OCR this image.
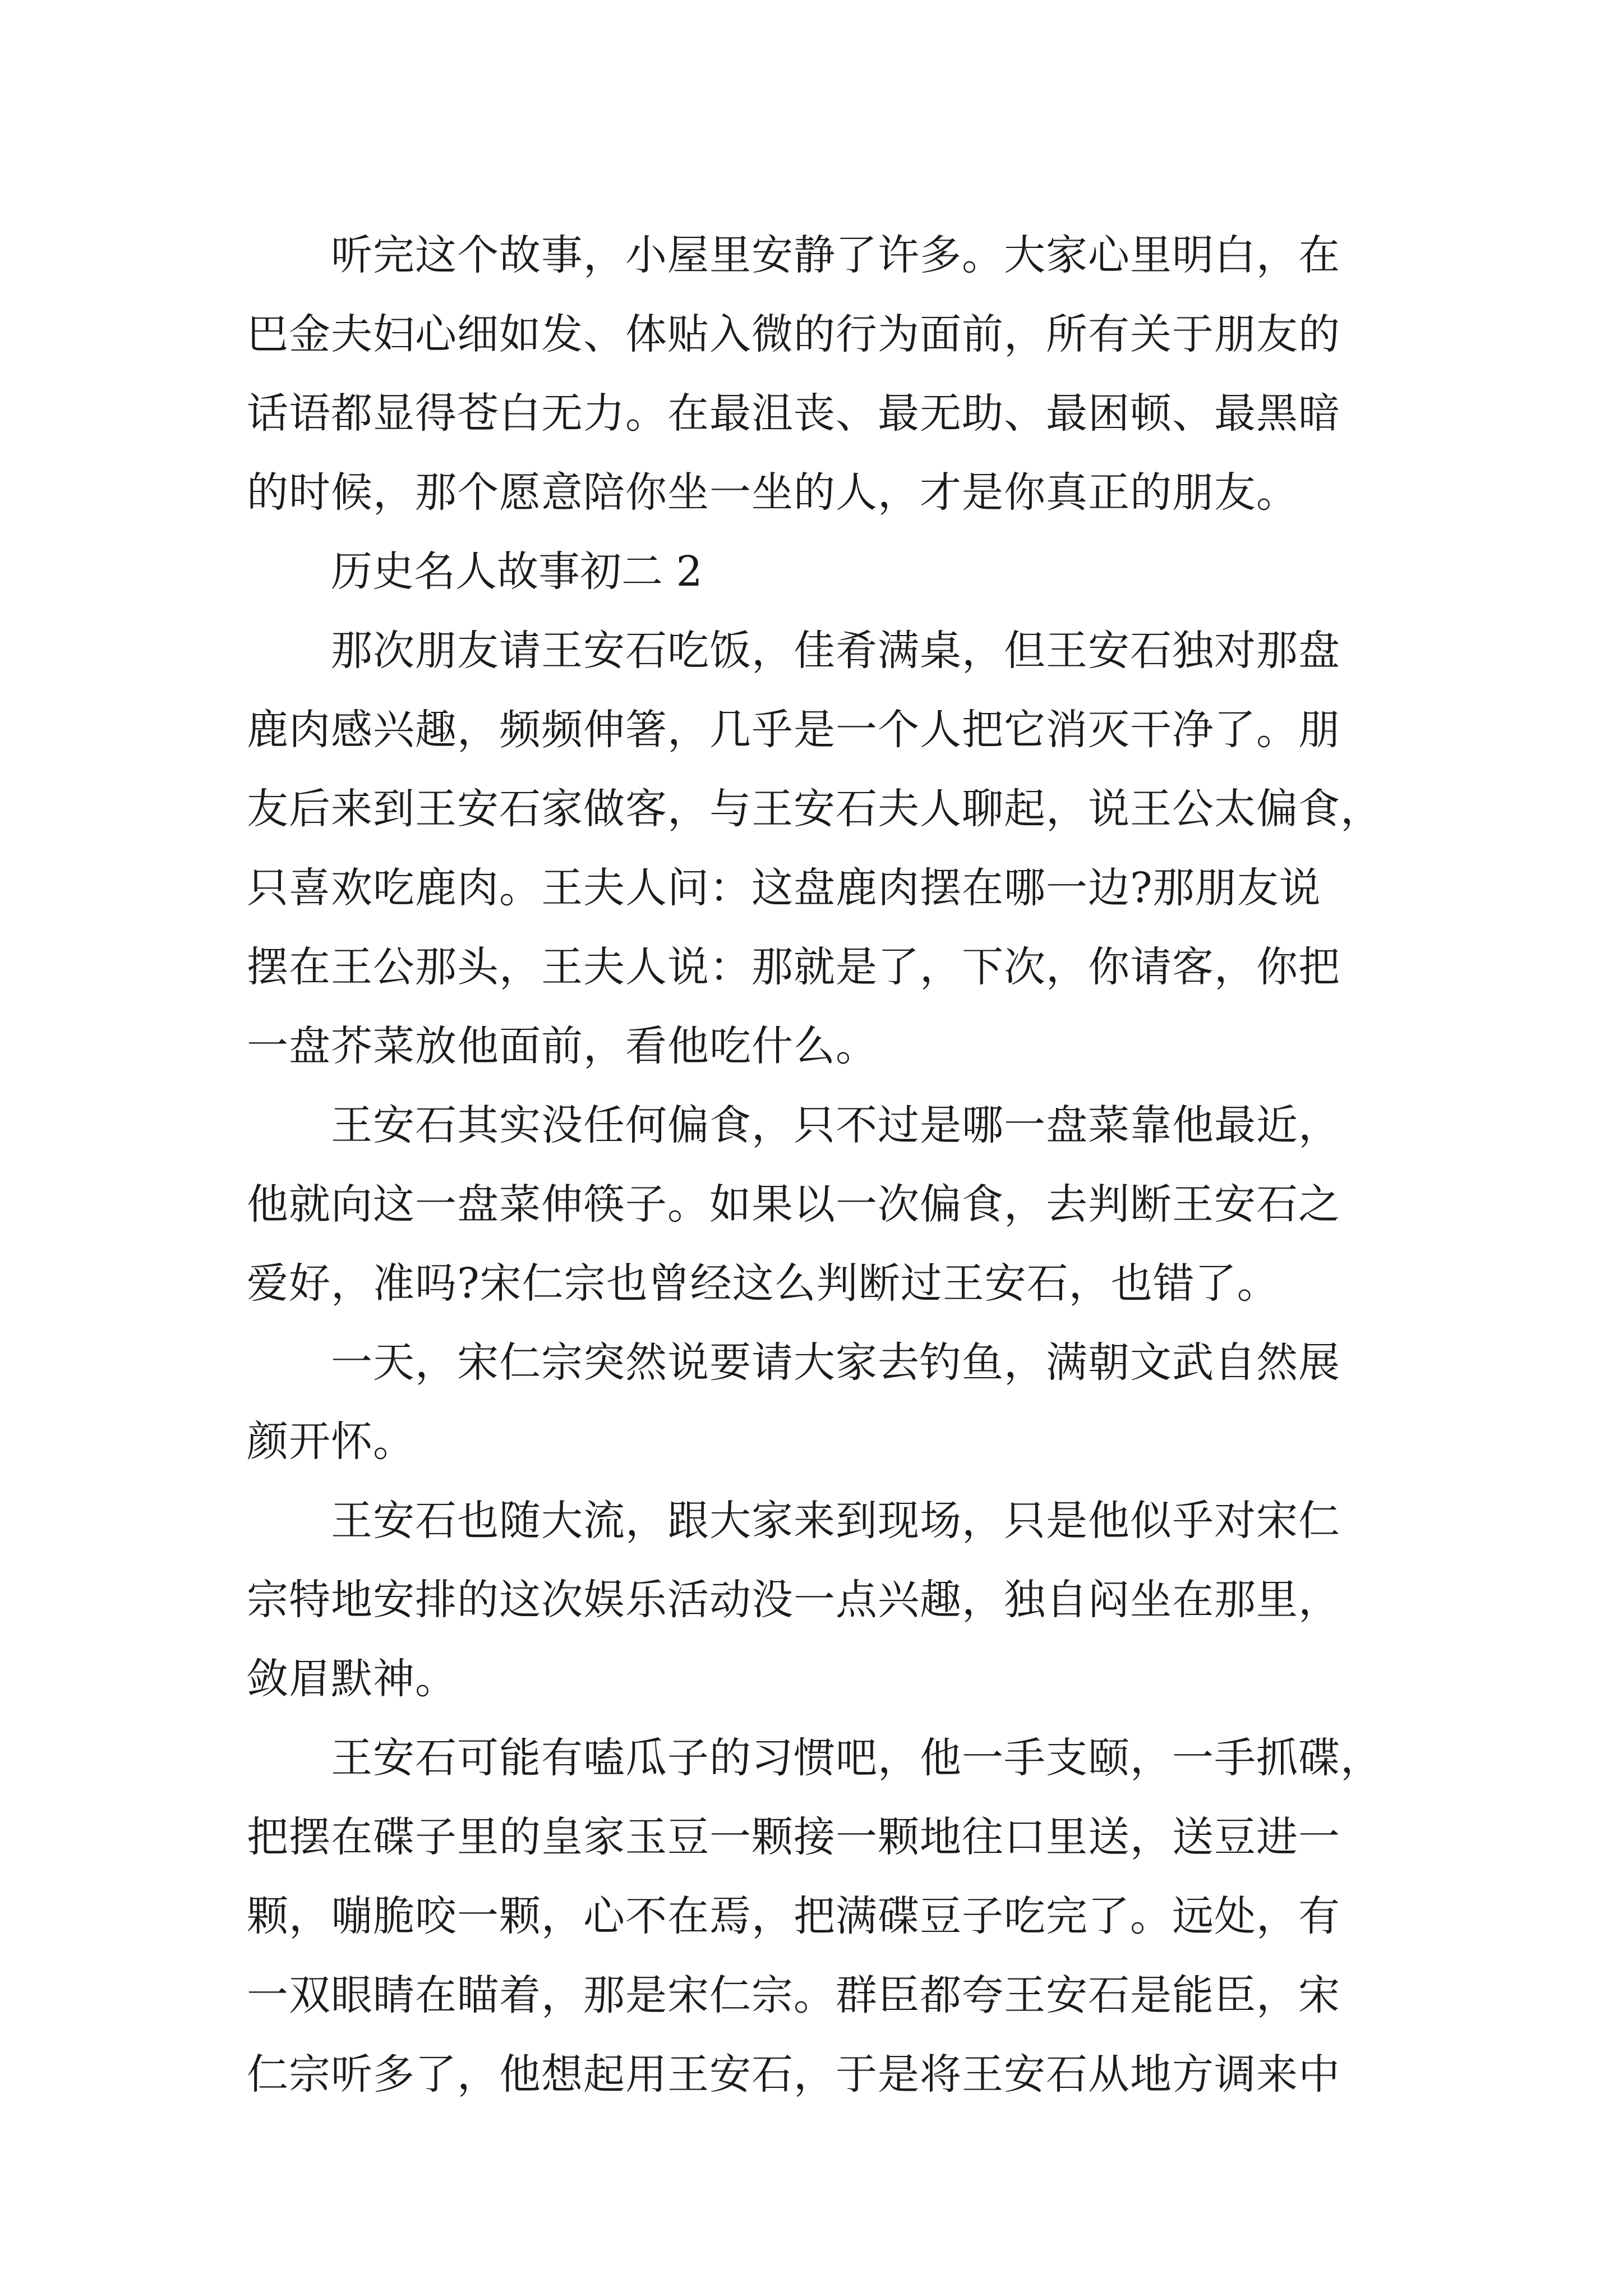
听完这个故事，小屋里安静了许多。大家心里明白，在
巴金夫妇心细如发、体贴入微的行为面前，所有关于朋友的
话语都显得苍白无力。在最沮丧、最无助、最困顿、最黑暗
的时候，那个愿意陪你坐一坐的人，才是你真正的朋友。

历史名人故事初二 2

那次朋友请王安石吃饭，佳肴满桌，但王安石独对那盘
鹿肉感兴趣，频频伸箸，几乎是一个人把它消灭干净了。朋
友后来到王安石家做客，与王安石夫人聊起，说王公太偏食，
只喜欢吃鹿肉。王夫人问：这盘鹿肉摆在哪一边?那朋友说
摆在王公那头，王夫人说：那就是了，下次，你请客，你把
一盘芥菜放他面前，看他吃什么。
王安石其实没任何偏食，只不过是哪一盘菜靠他最近，
他就向这一盘菜伸筷子。如果以一次偏食，去判断王安石之
爱好，准吗?宋仁宗也曾经这么判断过王安石，也错了。
一天，宋仁宗突然说要请大家去钓鱼，满朝文武自然展
颜开怀。
王安石也随大流，跟大家来到现场，只是他似乎对宋仁
宗特地安排的这次娱乐活动没一点兴趣，独自闷坐在那里，
敛眉默神。
王安石可能有嗑瓜子的习惯吧，他一手支颐，一手抓碟，
把摆在碟子里的皇家玉豆一颗接一颗地往口里送，送豆进一
颗，嘣脆咬一颗，心不在焉，把满碟豆子吃完了。远处，有
一双眼睛在瞄着，那是宋仁宗。群臣都夸王安石是能臣，宋
仁宗听多了，他想起用王安石，于是将王安石从地方调来中
